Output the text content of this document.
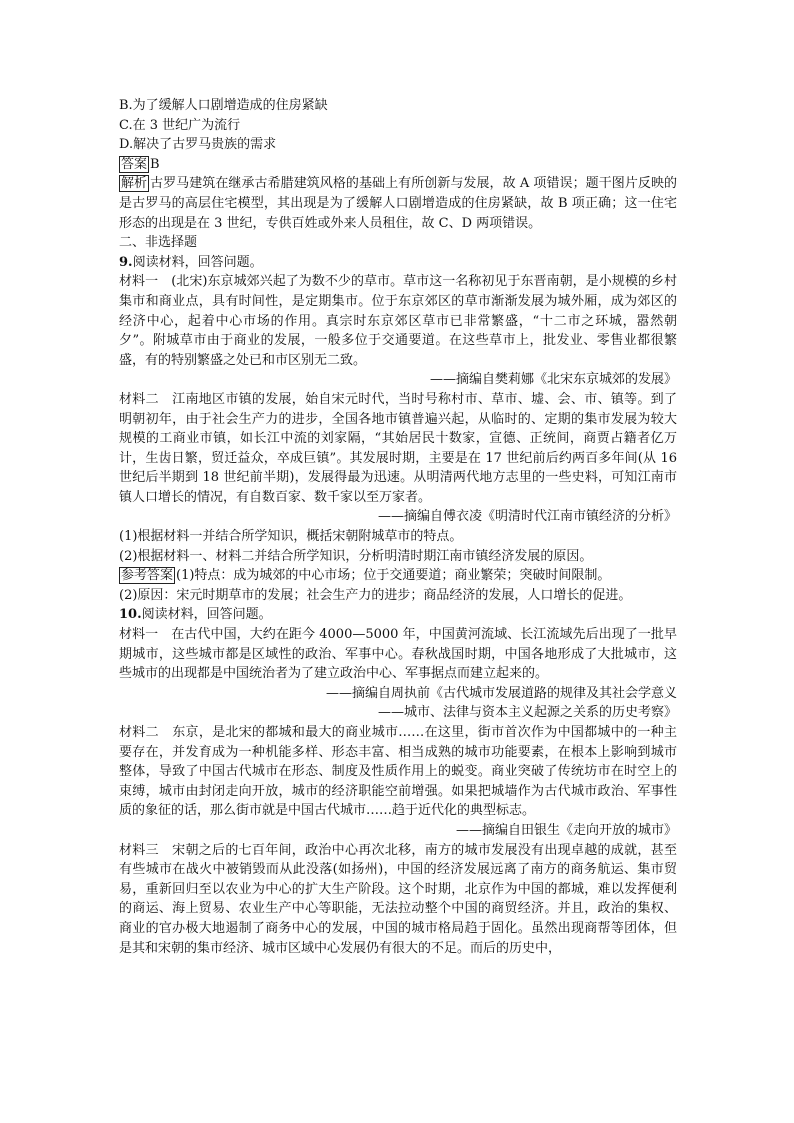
B.为了缓解人口剧增造成的住房紧缺

C.在 3 世纪广为流行

D.解决了古罗马贵族的需求

答案 B

解析 古罗马建筑在继承古希腊建筑风格的基础上有所创新与发展，故 A 项错误；题干图片反映的是古罗马的高层住宅模型，其出现是为了缓解人口剧增造成的住房紧缺，故 B 项正确；这一住宅形态的出现是在 3 世纪，专供百姓或外来人员租住，故 C、D 两项错误。

二、非选择题

9.阅读材料，回答问题。

材料一　 (北宋)东京城郊兴起了为数不少的草市。草市这一名称初见于东晋南朝，是小规模的乡村集市和商业点，具有时间性，是定期集市。位于东京郊区的草市渐渐发展为城外厢，成为郊区的经济中心，起着中心市场的作用。真宗时东京郊区草市已非常繁盛，“十二市之环城，嚣然朝夕”。附城草市由于商业的发展，一般多位于交通要道。在这些草市上，批发业、零售业都很繁盛，有的特别繁盛之处已和市区别无二致。

——摘编自樊莉娜《北宋东京城郊的发展》

材料二　 江南地区市镇的发展，始自宋元时代，当时号称村市、草市、墟、会、市、镇等。到了明朝初年，由于社会生产力的进步，全国各地市镇普遍兴起，从临时的、定期的集市发展为较大规模的工商业市镇，如长江中流的刘家隔，“其始居民十数家，宣德、正统间，商贾占籍者亿万计，生齿日繁，贸迁益众，卒成巨镇”。其发展时期，主要是在 17 世纪前后约两百多年间(从 16 世纪后半期到 18 世纪前半期)，发展得最为迅速。从明清两代地方志里的一些史料，可知江南市镇人口增长的情况，有自数百家、数千家以至万家者。

——摘编自傅衣凌《明清时代江南市镇经济的分析》

(1)根据材料一并结合所学知识，概括宋朝附城草市的特点。

(2)根据材料一、材料二并结合所学知识，分析明清时期江南市镇经济发展的原因。

参考答案 (1)特点：成为城郊的中心市场；位于交通要道；商业繁荣；突破时间限制。

(2)原因：宋元时期草市的发展；社会生产力的进步；商品经济的发展，人口增长的促进。

10.阅读材料，回答问题。

材料一　 在古代中国，大约在距今 4000—5000 年，中国黄河流域、长江流域先后出现了一批早期城市，这些城市都是区域性的政治、军事中心。春秋战国时期，中国各地形成了大批城市，这些城市的出现都是中国统治者为了建立政治中心、军事据点而建立起来的。

——摘编自周执前《古代城市发展道路的规律及其社会学意义

——城市、法律与资本主义起源之关系的历史考察》

材料二　 东京，是北宋的都城和最大的商业城市……在这里，街市首次作为中国都城中的一种主要存在，并发育成为一种机能多样、形态丰富、相当成熟的城市功能要素，在根本上影响到城市整体，导致了中国古代城市在形态、制度及性质作用上的蜕变。商业突破了传统坊市在时空上的束缚，城市由封闭走向开放，城市的经济职能空前增强。如果把城墙作为古代城市政治、军事性质的象征的话，那么街市就是中国古代城市……趋于近代化的典型标志。

——摘编自田银生《走向开放的城市》

材料三　 宋朝之后的七百年间，政治中心再次北移，南方的城市发展没有出现卓越的成就，甚至有些城市在战火中被销毁而从此没落(如扬州)，中国的经济发展远离了南方的商务航运、集市贸易，重新回归至以农业为中心的扩大生产阶段。这个时期，北京作为中国的都城，难以发挥便利的商运、海上贸易、农业生产中心等职能，无法拉动整个中国的商贸经济。并且，政治的集权、商业的官办极大地遏制了商务中心的发展，中国的城市格局趋于固化。虽然出现商帮等团体，但是其和宋朝的集市经济、城市区域中心发展仍有很大的不足。而后的历史中，
